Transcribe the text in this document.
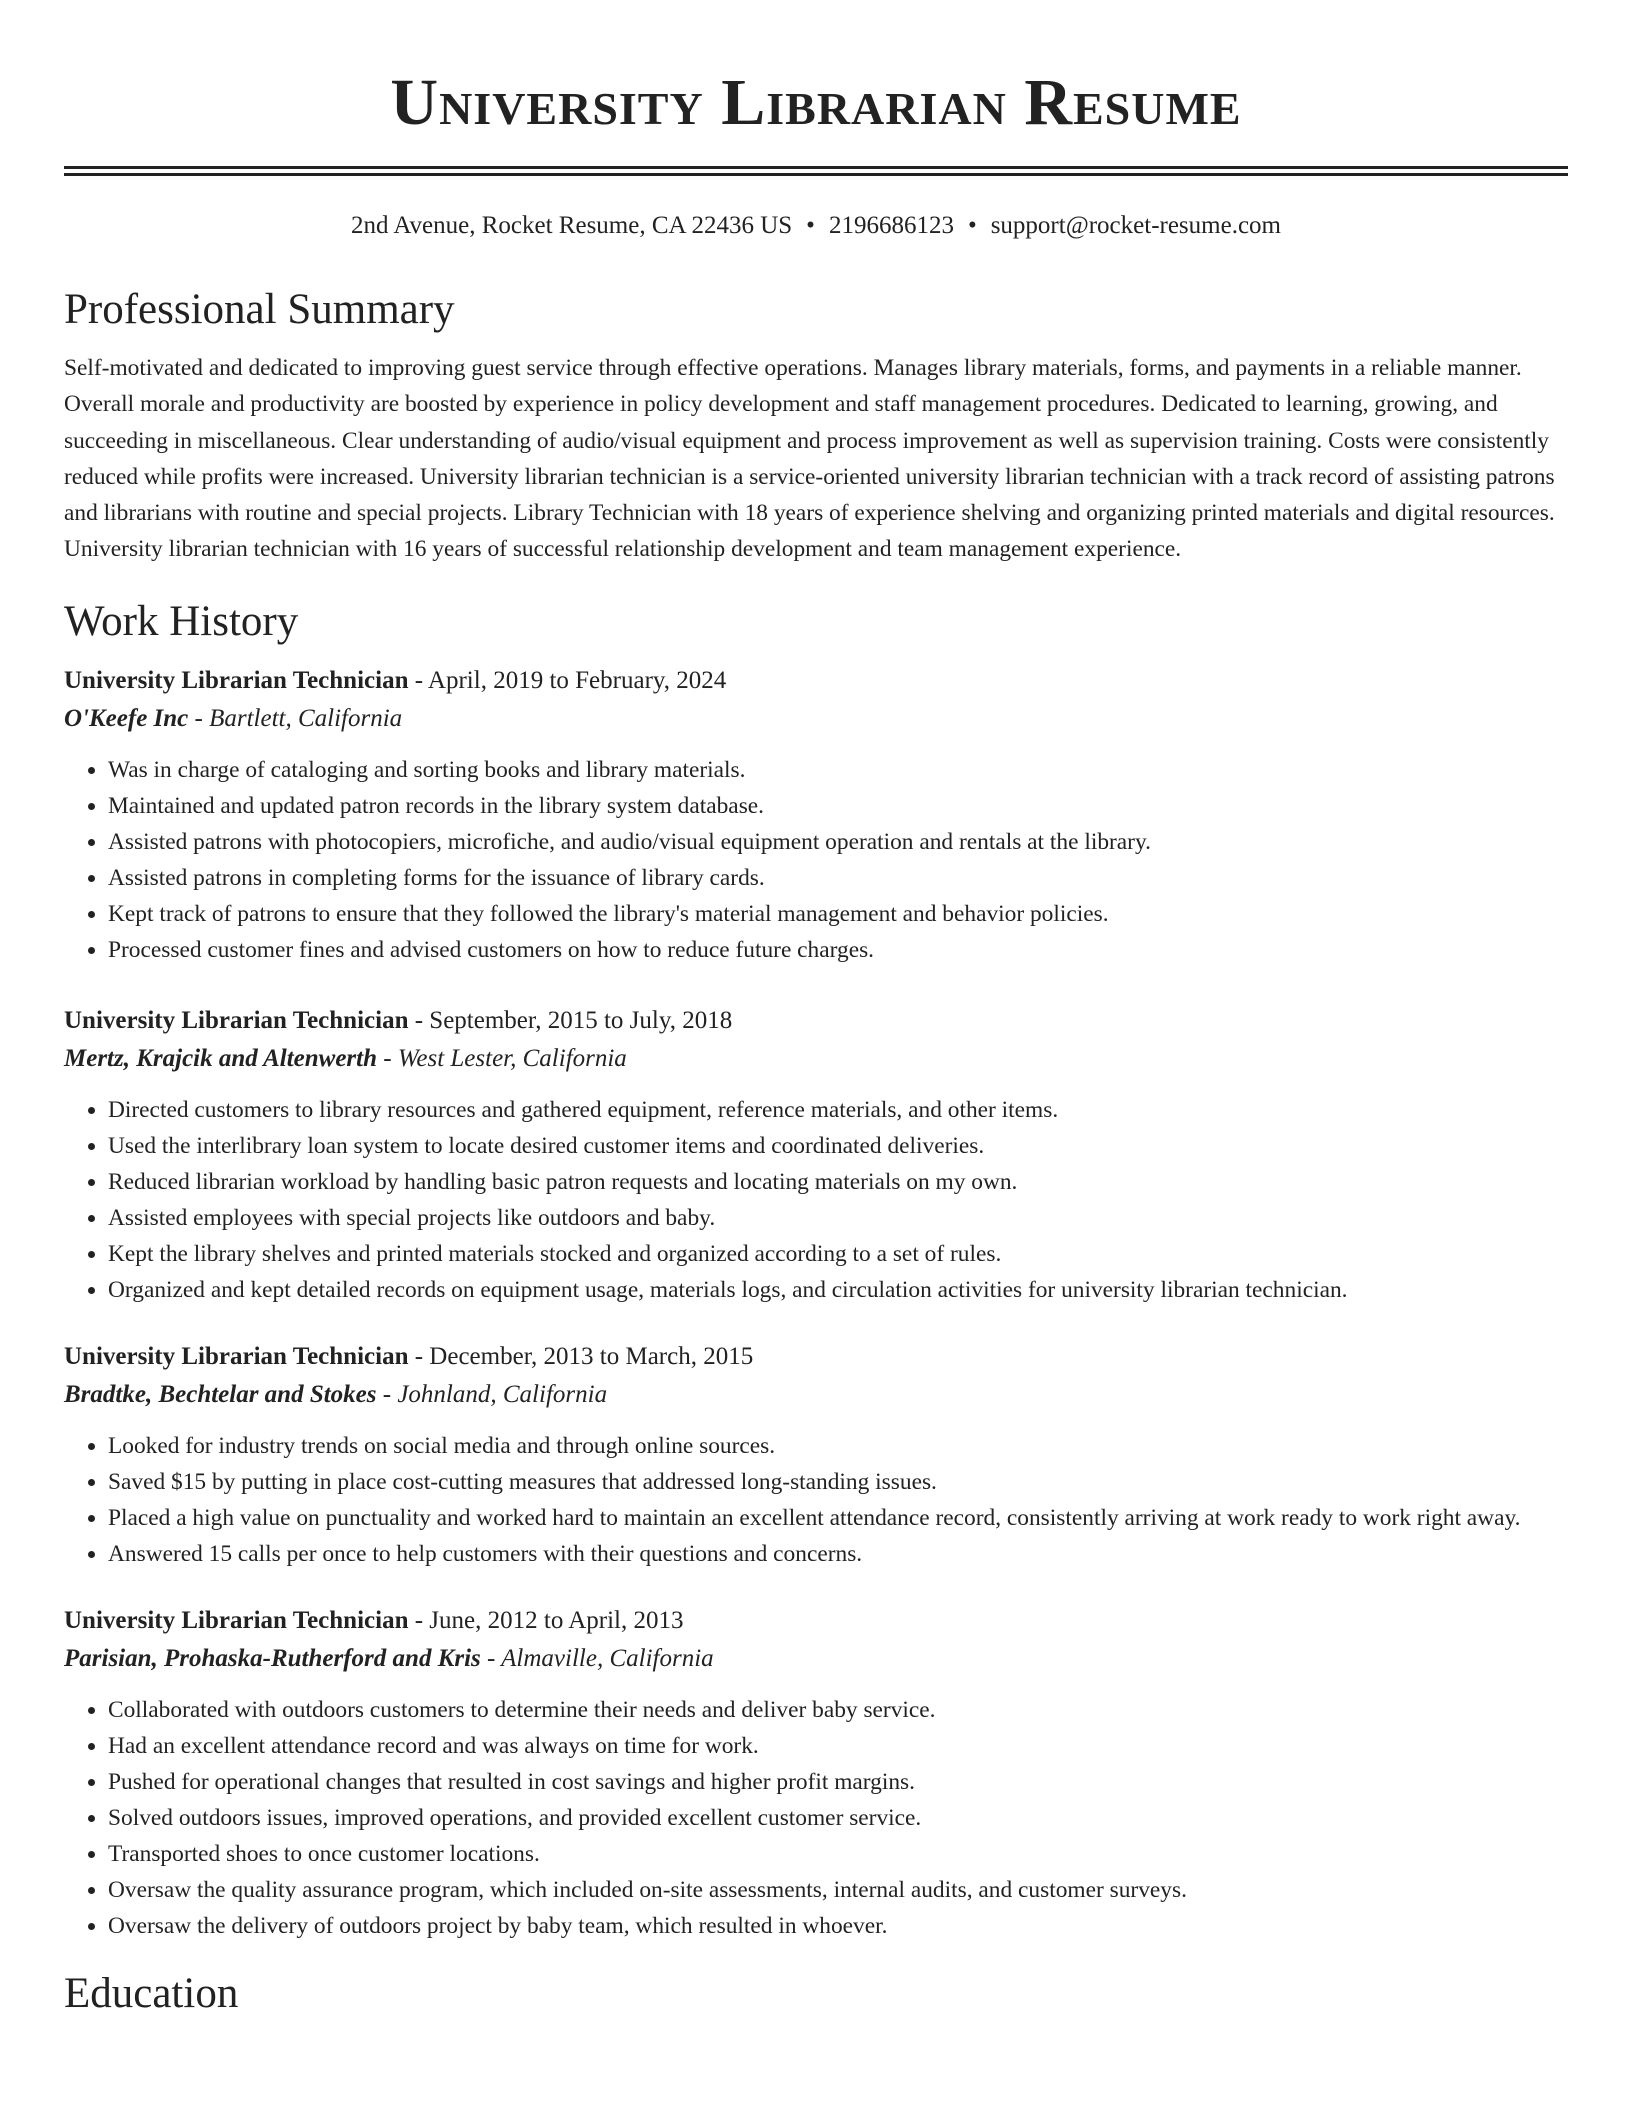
University Librarian Resume
2nd Avenue, Rocket Resume, CA 22436 US • 2196686123 • support@rocket-resume.com
Professional Summary
Self-motivated and dedicated to improving guest service through effective operations. Manages library materials, forms, and payments in a reliable manner. Overall morale and productivity are boosted by experience in policy development and staff management procedures. Dedicated to learning, growing, and succeeding in miscellaneous. Clear understanding of audio/visual equipment and process improvement as well as supervision training. Costs were consistently reduced while profits were increased. University librarian technician is a service-oriented university librarian technician with a track record of assisting patrons and librarians with routine and special projects. Library Technician with 18 years of experience shelving and organizing printed materials and digital resources. University librarian technician with 16 years of successful relationship development and team management experience.
Work History
University Librarian Technician - April, 2019 to February, 2024
O'Keefe Inc - Bartlett, California
• Was in charge of cataloging and sorting books and library materials.
• Maintained and updated patron records in the library system database.
• Assisted patrons with photocopiers, microfiche, and audio/visual equipment operation and rentals at the library.
• Assisted patrons in completing forms for the issuance of library cards.
• Kept track of patrons to ensure that they followed the library's material management and behavior policies.
• Processed customer fines and advised customers on how to reduce future charges.
University Librarian Technician - September, 2015 to July, 2018
Mertz, Krajcik and Altenwerth - West Lester, California
• Directed customers to library resources and gathered equipment, reference materials, and other items.
• Used the interlibrary loan system to locate desired customer items and coordinated deliveries.
• Reduced librarian workload by handling basic patron requests and locating materials on my own.
• Assisted employees with special projects like outdoors and baby.
• Kept the library shelves and printed materials stocked and organized according to a set of rules.
• Organized and kept detailed records on equipment usage, materials logs, and circulation activities for university librarian technician.
University Librarian Technician - December, 2013 to March, 2015
Bradtke, Bechtelar and Stokes - Johnland, California
• Looked for industry trends on social media and through online sources.
• Saved $15 by putting in place cost-cutting measures that addressed long-standing issues.
• Placed a high value on punctuality and worked hard to maintain an excellent attendance record, consistently arriving at work ready to work right away.
• Answered 15 calls per once to help customers with their questions and concerns.
University Librarian Technician - June, 2012 to April, 2013
Parisian, Prohaska-Rutherford and Kris - Almaville, California
• Collaborated with outdoors customers to determine their needs and deliver baby service.
• Had an excellent attendance record and was always on time for work.
• Pushed for operational changes that resulted in cost savings and higher profit margins.
• Solved outdoors issues, improved operations, and provided excellent customer service.
• Transported shoes to once customer locations.
• Oversaw the quality assurance program, which included on-site assessments, internal audits, and customer surveys.
• Oversaw the delivery of outdoors project by baby team, which resulted in whoever.
Education
